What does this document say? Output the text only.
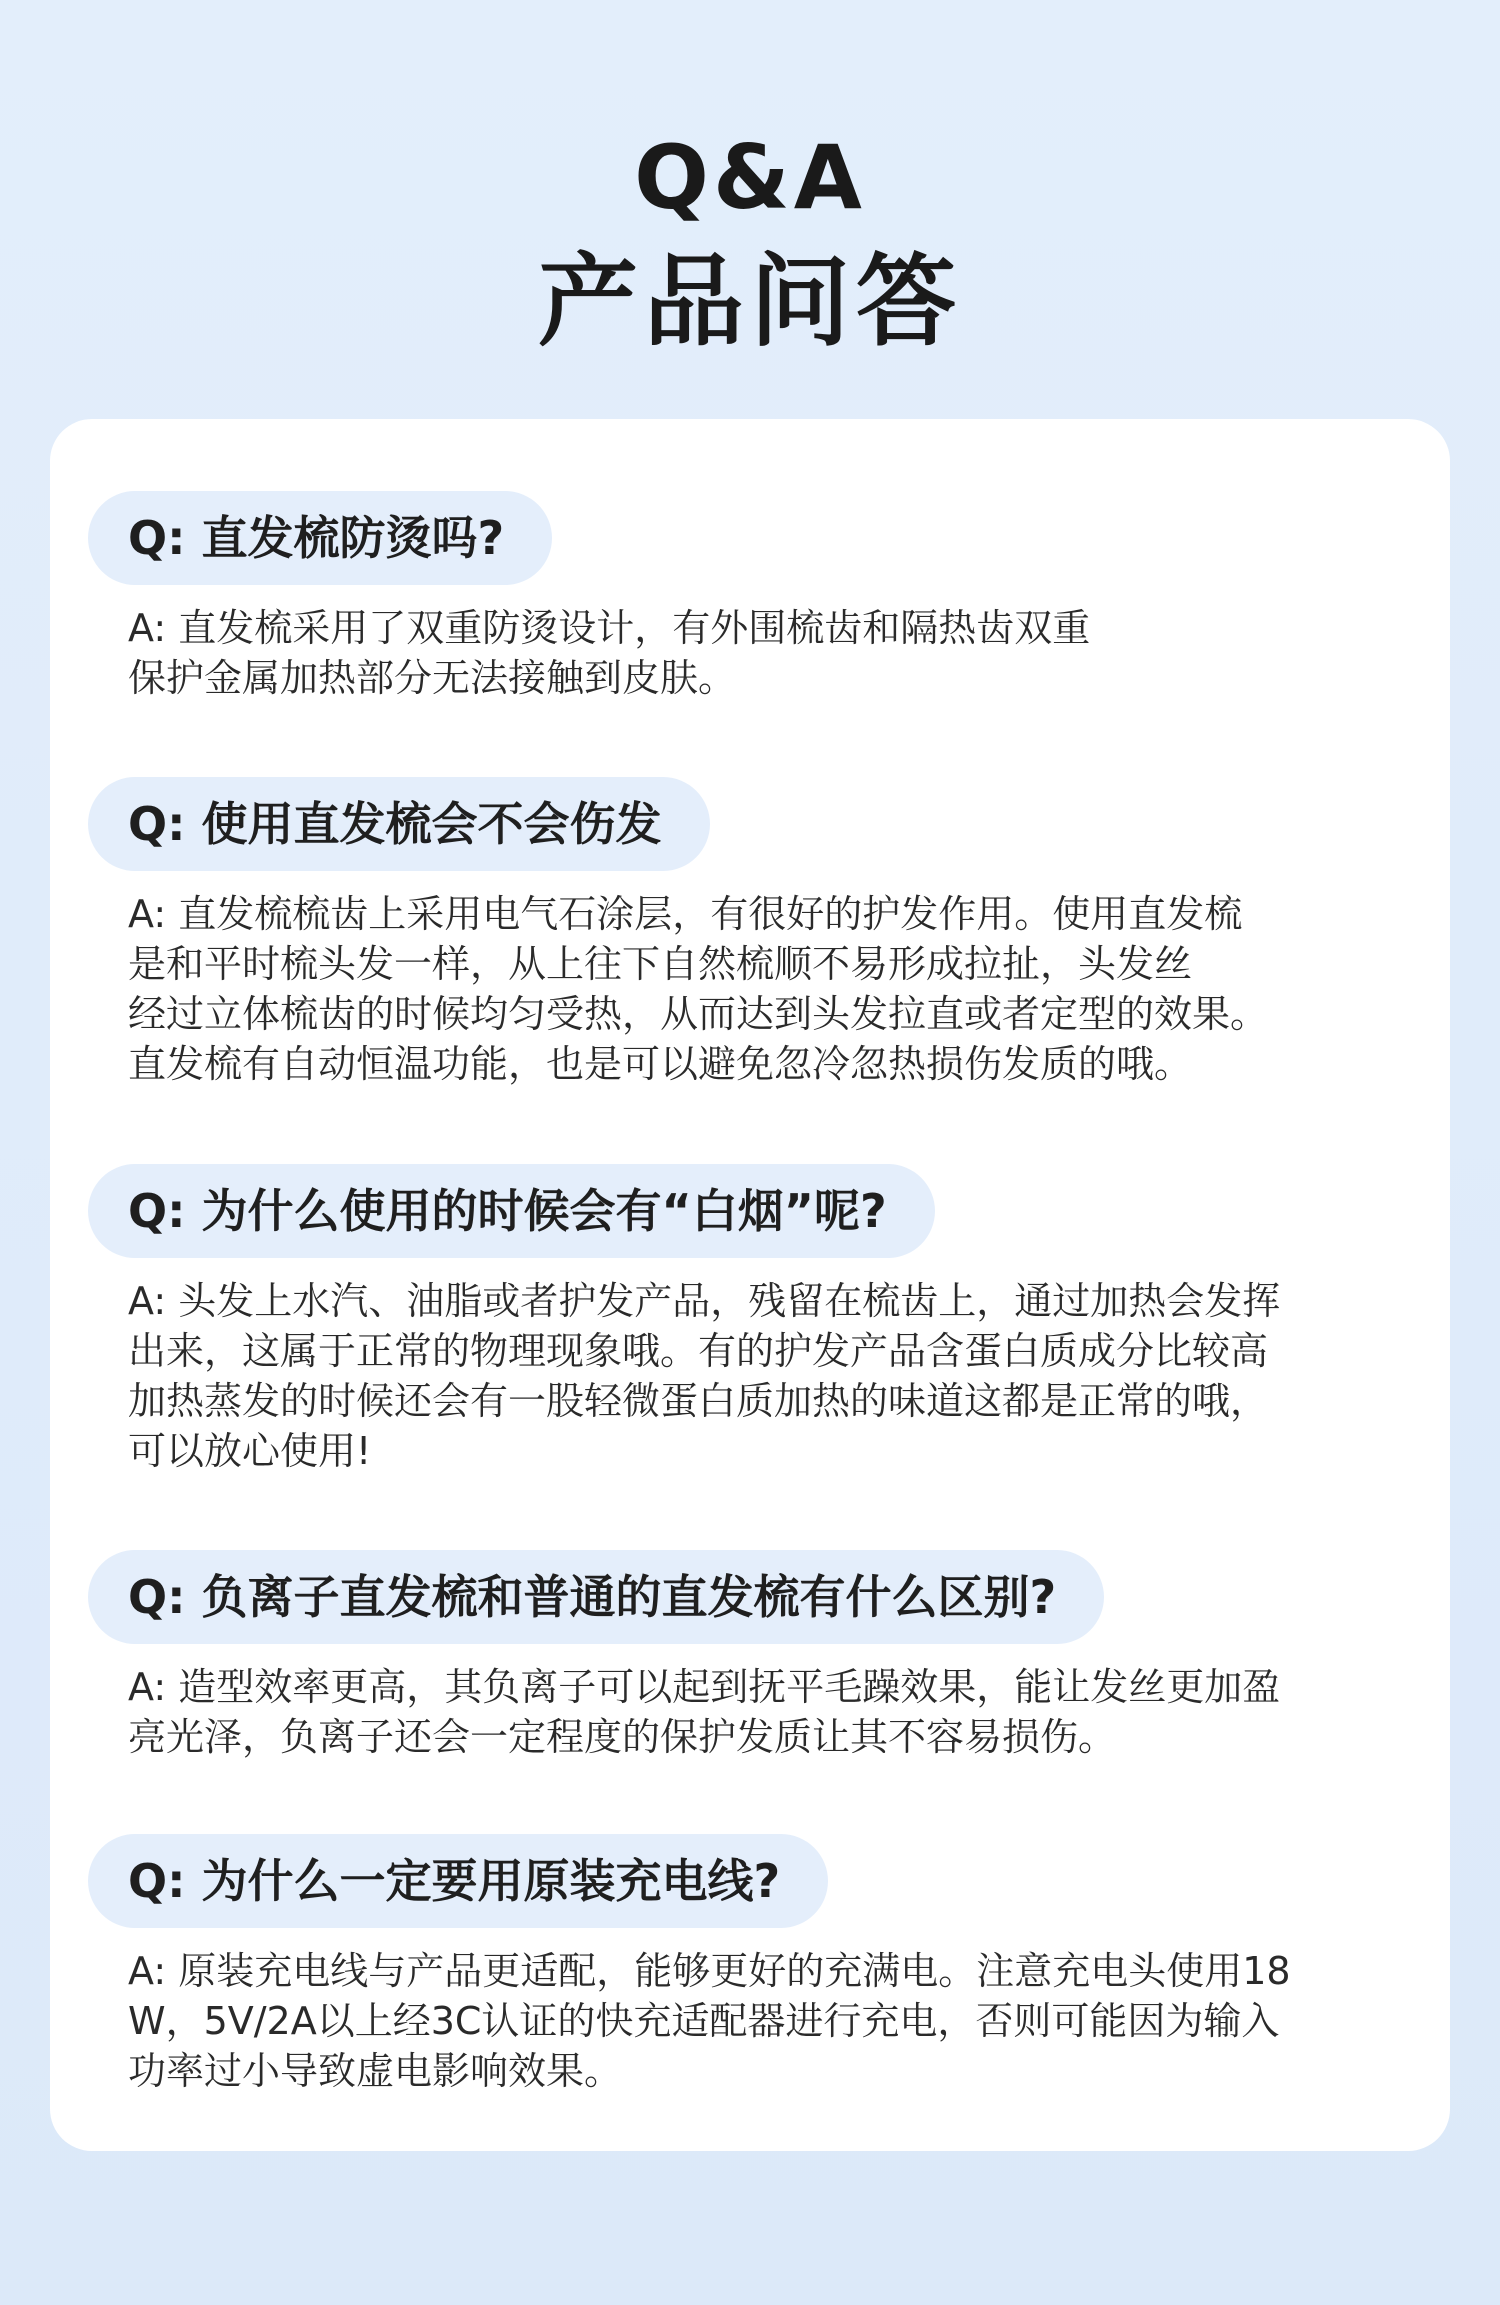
Q&A
产品问答
Q: 直发梳防烫吗?
A: 直发梳采用了双重防烫设计，有外围梳齿和隔热齿双重
保护金属加热部分无法接触到皮肤。
Q: 使用直发梳会不会伤发
A: 直发梳梳齿上采用电气石涂层，有很好的护发作用。使用直发梳
是和平时梳头发一样，从上往下自然梳顺不易形成拉扯，头发丝
经过立体梳齿的时候均匀受热，从而达到头发拉直或者定型的效果。
直发梳有自动恒温功能，也是可以避免忽冷忽热损伤发质的哦。
Q: 为什么使用的时候会有“白烟”呢?
A: 头发上水汽、油脂或者护发产品，残留在梳齿上，通过加热会发挥
出来，这属于正常的物理现象哦。有的护发产品含蛋白质成分比较高
加热蒸发的时候还会有一股轻微蛋白质加热的味道这都是正常的哦，
可以放心使用!
Q: 负离子直发梳和普通的直发梳有什么区别?
A: 造型效率更高，其负离子可以起到抚平毛躁效果，能让发丝更加盈
亮光泽，负离子还会一定程度的保护发质让其不容易损伤。
Q: 为什么一定要用原装充电线?
A: 原装充电线与产品更适配，能够更好的充满电。注意充电头使用18
W，5V/2A以上经3C认证的快充适配器进行充电，否则可能因为输入
功率过小导致虚电影响效果。
